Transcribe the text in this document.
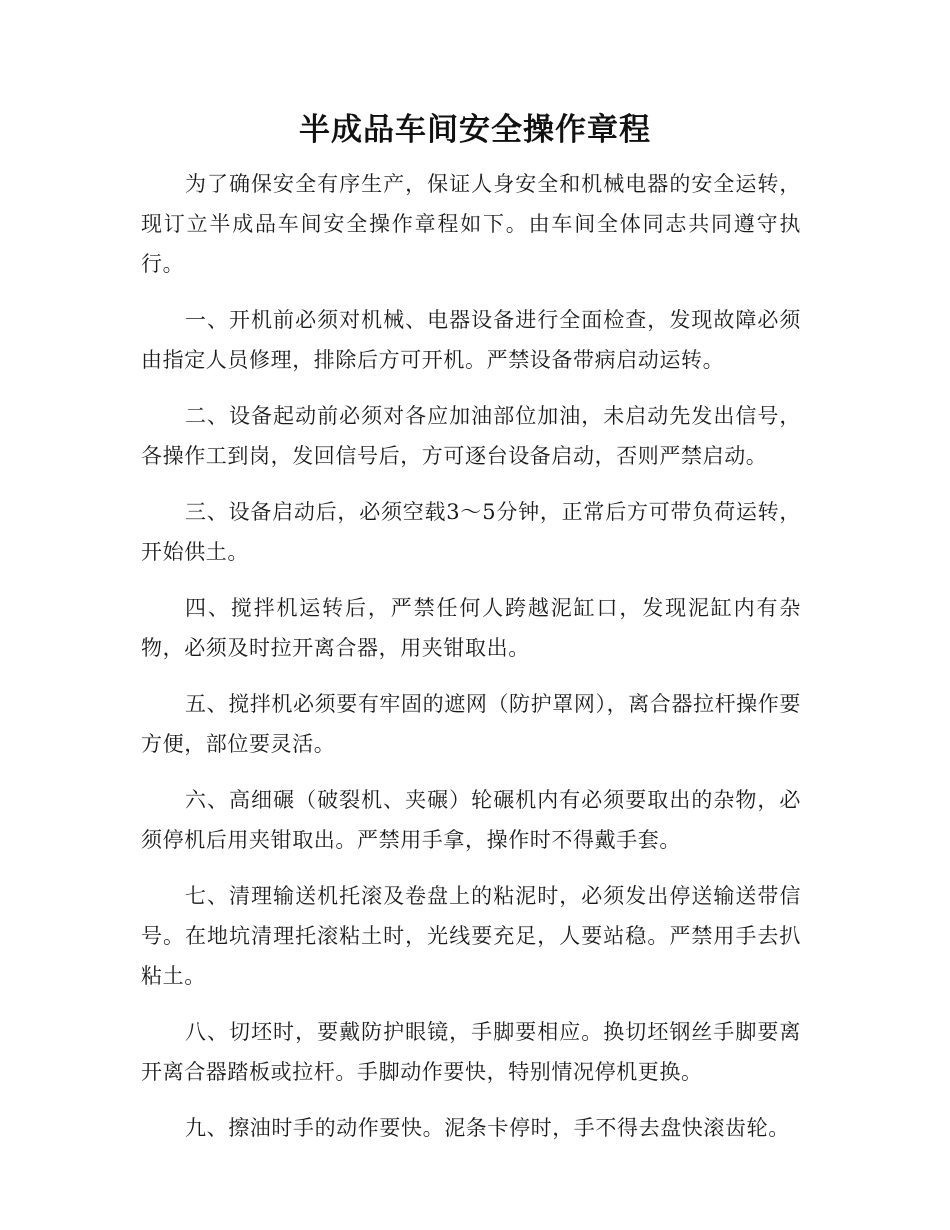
半成品车间安全操作章程

为了确保安全有序生产，保证人身安全和机械电器的安全运转，现订立半成品车间安全操作章程如下。由车间全体同志共同遵守执行。

一、开机前必须对机械、电器设备进行全面检查，发现故障必须由指定人员修理，排除后方可开机。严禁设备带病启动运转。

二、设备起动前必须对各应加油部位加油，未启动先发出信号，各操作工到岗，发回信号后，方可逐台设备启动，否则严禁启动。

三、设备启动后，必须空载3～5分钟，正常后方可带负荷运转，开始供土。

四、搅拌机运转后，严禁任何人跨越泥缸口，发现泥缸内有杂物，必须及时拉开离合器，用夹钳取出。

五、搅拌机必须要有牢固的遮网（防护罩网），离合器拉杆操作要方便，部位要灵活。

六、高细碾（破裂机、夹碾）轮碾机内有必须要取出的杂物，必须停机后用夹钳取出。严禁用手拿，操作时不得戴手套。

七、清理输送机托滚及卷盘上的粘泥时，必须发出停送输送带信号。在地坑清理托滚粘土时，光线要充足，人要站稳。严禁用手去扒粘土。

八、切坯时，要戴防护眼镜，手脚要相应。换切坯钢丝手脚要离开离合器踏板或拉杆。手脚动作要快，特别情况停机更换。

九、擦油时手的动作要快。泥条卡停时，手不得去盘快滚齿轮。
